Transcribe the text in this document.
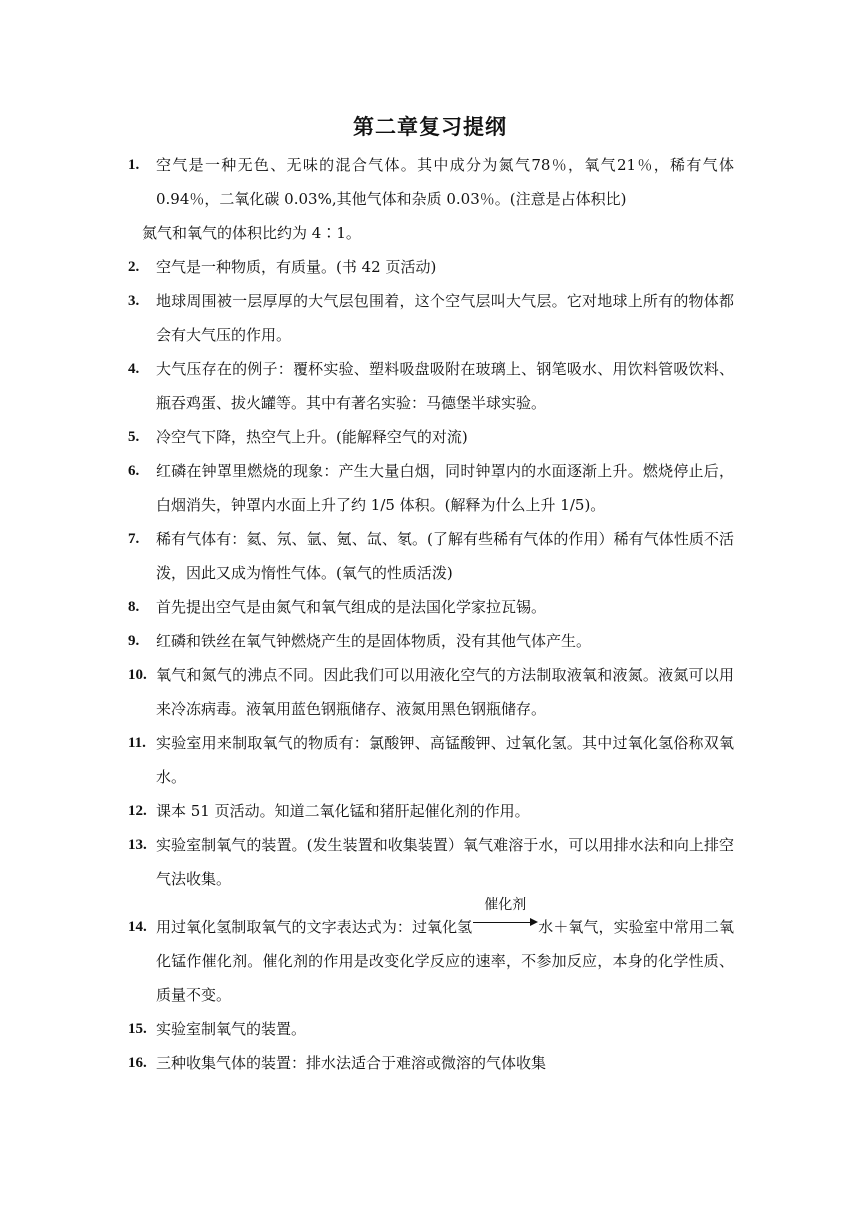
第二章复习提纲
1. 空气是一种无色、无味的混合气体。其中成分为氮气78％，氧气21％，稀有气体 0.94％，二氧化碳 0.03%,其他气体和杂质 0.03％。(注意是占体积比)
氮气和氧气的体积比约为 4∶1。
2. 空气是一种物质，有质量。(书 42 页活动)
3. 地球周围被一层厚厚的大气层包围着，这个空气层叫大气层。它对地球上所有的物体都会有大气压的作用。
4. 大气压存在的例子：覆杯实验、塑料吸盘吸附在玻璃上、钢笔吸水、用饮料管吸饮料、瓶吞鸡蛋、拔火罐等。其中有著名实验：马德堡半球实验。
5. 冷空气下降，热空气上升。(能解释空气的对流)
6. 红磷在钟罩里燃烧的现象：产生大量白烟，同时钟罩内的水面逐渐上升。燃烧停止后，白烟消失，钟罩内水面上升了约 1/5 体积。(解释为什么上升 1/5)。
7. 稀有气体有：氦、氖、氩、氪、氙、氡。(了解有些稀有气体的作用）稀有气体性质不活泼，因此又成为惰性气体。(氧气的性质活泼)
8. 首先提出空气是由氮气和氧气组成的是法国化学家拉瓦锡。
9. 红磷和铁丝在氧气钟燃烧产生的是固体物质，没有其他气体产生。
10. 氧气和氮气的沸点不同。因此我们可以用液化空气的方法制取液氧和液氮。液氮可以用来冷冻病毒。液氧用蓝色钢瓶储存、液氮用黑色钢瓶储存。
11. 实验室用来制取氧气的物质有：氯酸钾、高锰酸钾、过氧化氢。其中过氧化氢俗称双氧水。
12. 课本 51 页活动。知道二氧化锰和猪肝起催化剂的作用。
13. 实验室制氧气的装置。(发生装置和收集装置）氧气难溶于水，可以用排水法和向上排空气法收集。
14. 用过氧化氢制取氧气的文字表达式为：过氧化氢
催化剂
水＋氧气，实验室中常用二氧化锰作催化剂。催化剂的作用是改变化学反应的速率，不参加反应，本身的化学性质、质量不变。
15. 实验室制氧气的装置。
16. 三种收集气体的装置：排水法适合于难溶或微溶的气体收集
